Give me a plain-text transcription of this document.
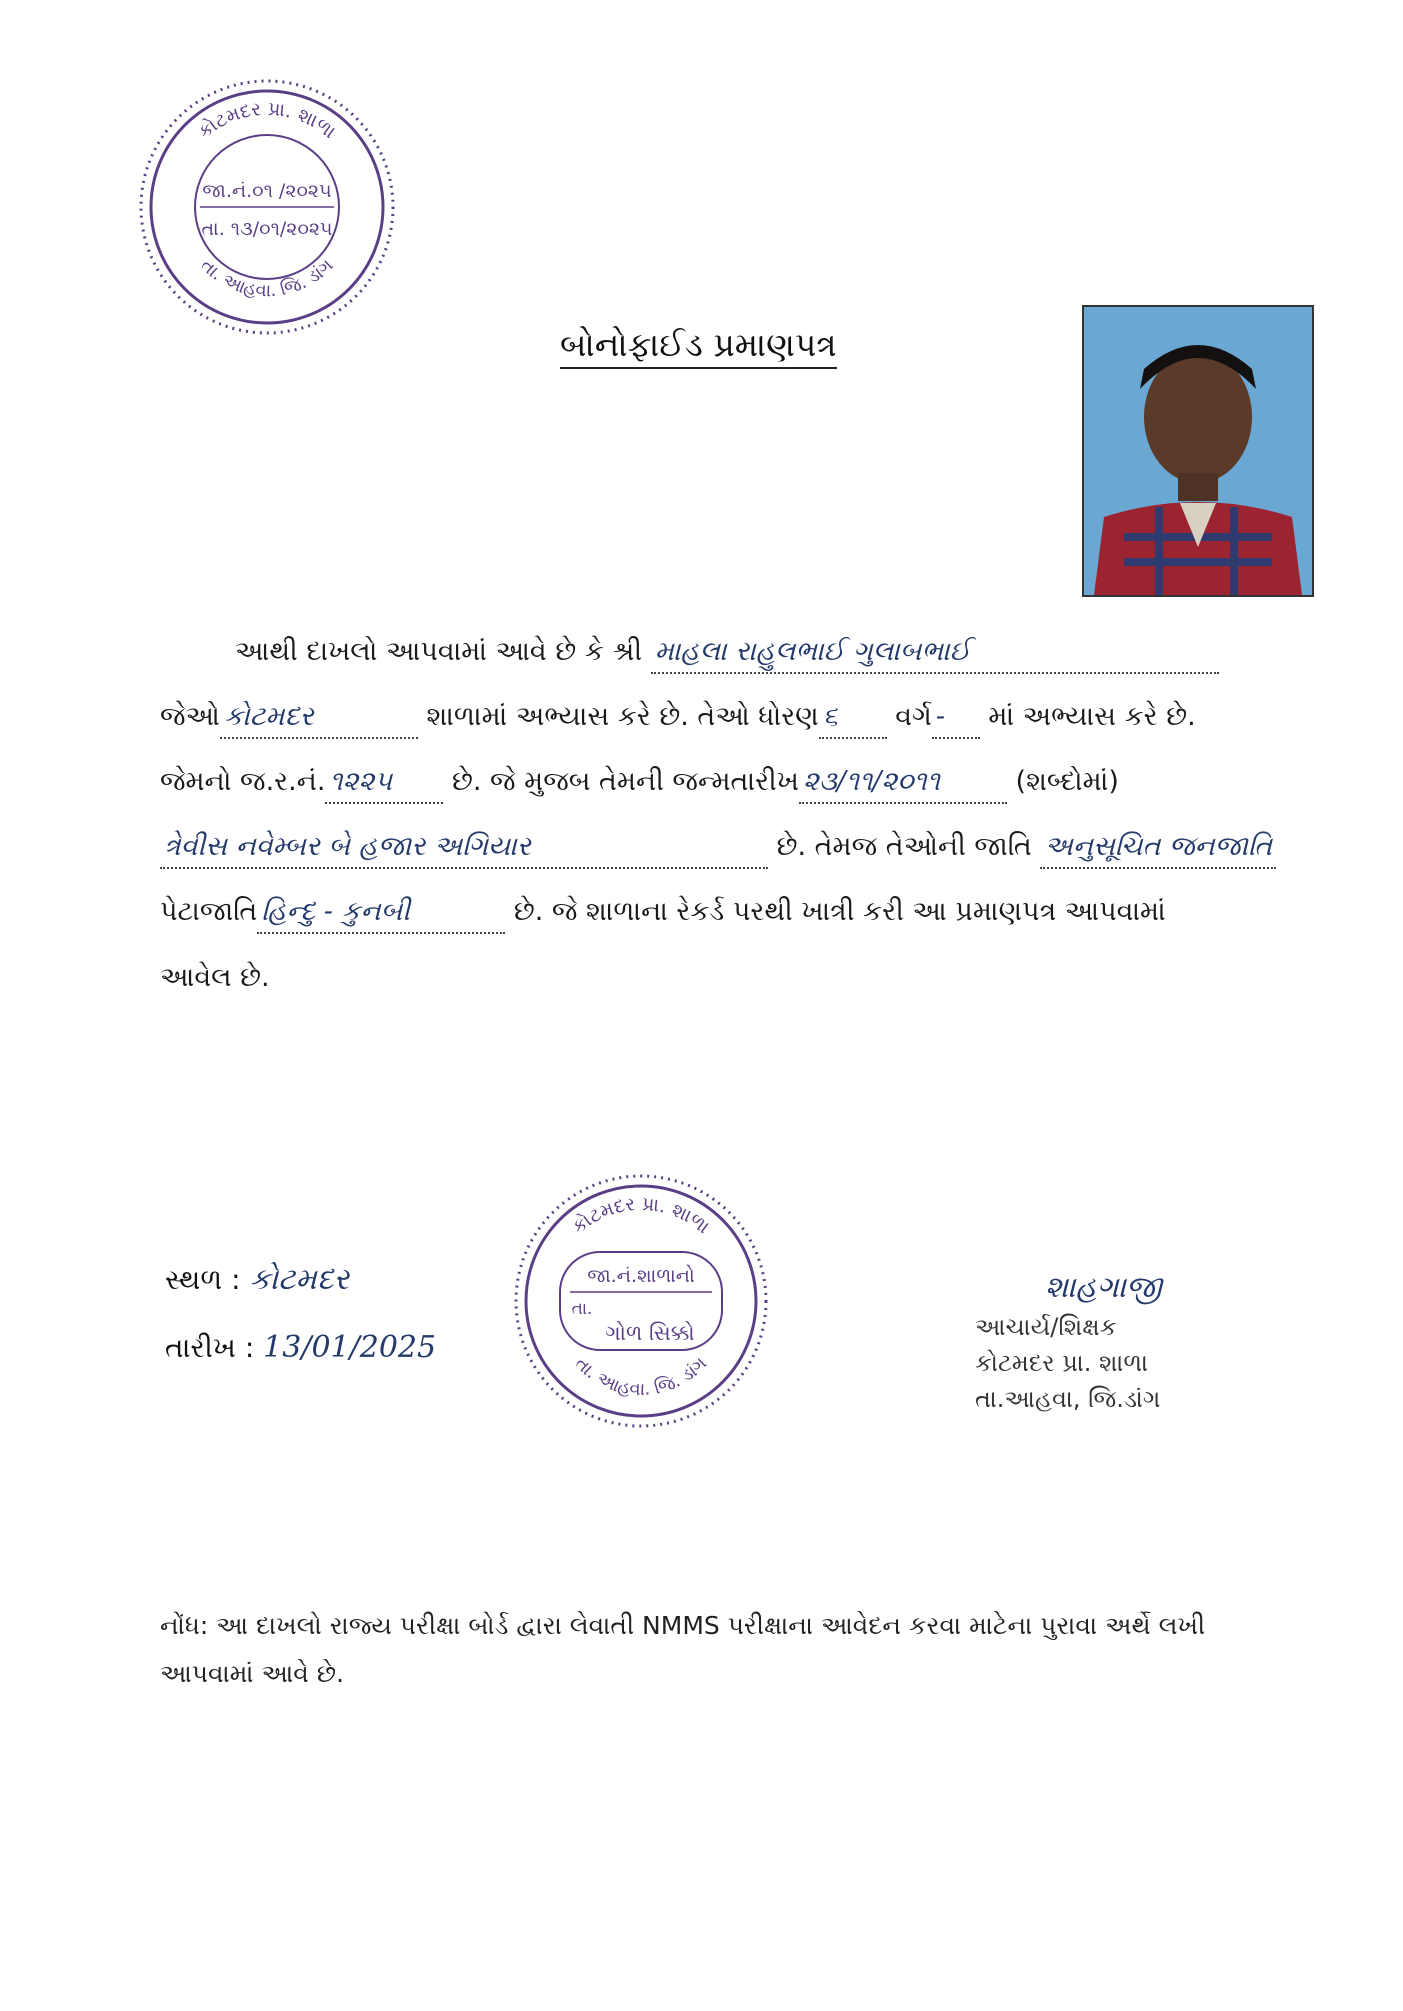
કોટમદર પ્રા. શાળા
તા. આહવા. જિ. ડાંગ
જા.નં.૦૧ /૨૦૨૫
તા. ૧૩/૦૧/૨૦૨૫
બોનોફાઈડ પ્રમાણપત્ર
આથી દાખલો આપવામાં આવે છે કે શ્રી માહલા રાહુલભાઈ ગુલાબભાઈ
જેઓ કોટમદર	શાળામાં અભ્યાસ કરે છે. તેઓ ધોરણ ૬ વર્ગ - માં અભ્યાસ કરે છે.
જેમનો જ.ર.નં. ૧૨૨૫ છે. જે મુજબ તેમની જન્મતારીખ ૨૩/૧૧/૨૦૧૧	(શબ્દોમાં)
ત્રેવીસ નવેમ્બર બે હજાર અગિયાર	છે. તેમજ તેઓની જાતિ અનુસૂચિત જનજાતિ
પેટાજાતિ હિન્દુ - કુનબી	છે. જે શાળાના રેકર્ડ પરથી ખાત્રી કરી આ પ્રમાણપત્ર આપવામાં
આવેલ છે.
સ્થળ : કોટમદર
તારીખ : 13/01/2025
કોટમદર પ્રા. શાળા
તા. આહવા. જિ. ડાંગ
જા.નં.શાળાનો
તા.
ગોળ સિક્કો
શાહગાજી
આચાર્ય/શિક્ષક
કોટમદર પ્રા. શાળા
તા.આહવા, જિ.ડાંગ
નોંધ: આ દાખલો રાજ્ય પરીક્ષા બોર્ડ દ્વારા લેવાતી NMMS પરીક્ષાના આવેદન કરવા માટેના પુરાવા અર્થે લખી આપવામાં આવે છે.
